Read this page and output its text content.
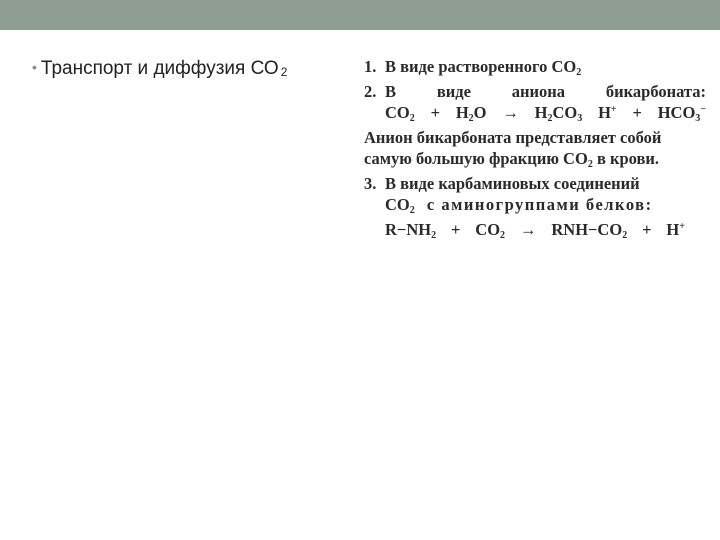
• Транспорт и диффузия СО $_2$	1. В виде растворенного $СО_2$
2. В виде аниона бикарбоната:
$СО_2 + Н_2О \to Н_2СО_3$ $Н^+ + НСО_3^-$
Анион бикарбоната представляет собой
самую большую фракцию $СО_2$ в крови.
3. В виде карбаминовых соединений
$СО_2$ с аминогруппами белков:
$R-NH_2 + CO_2 \to RNH-CO_2 + H^+$
